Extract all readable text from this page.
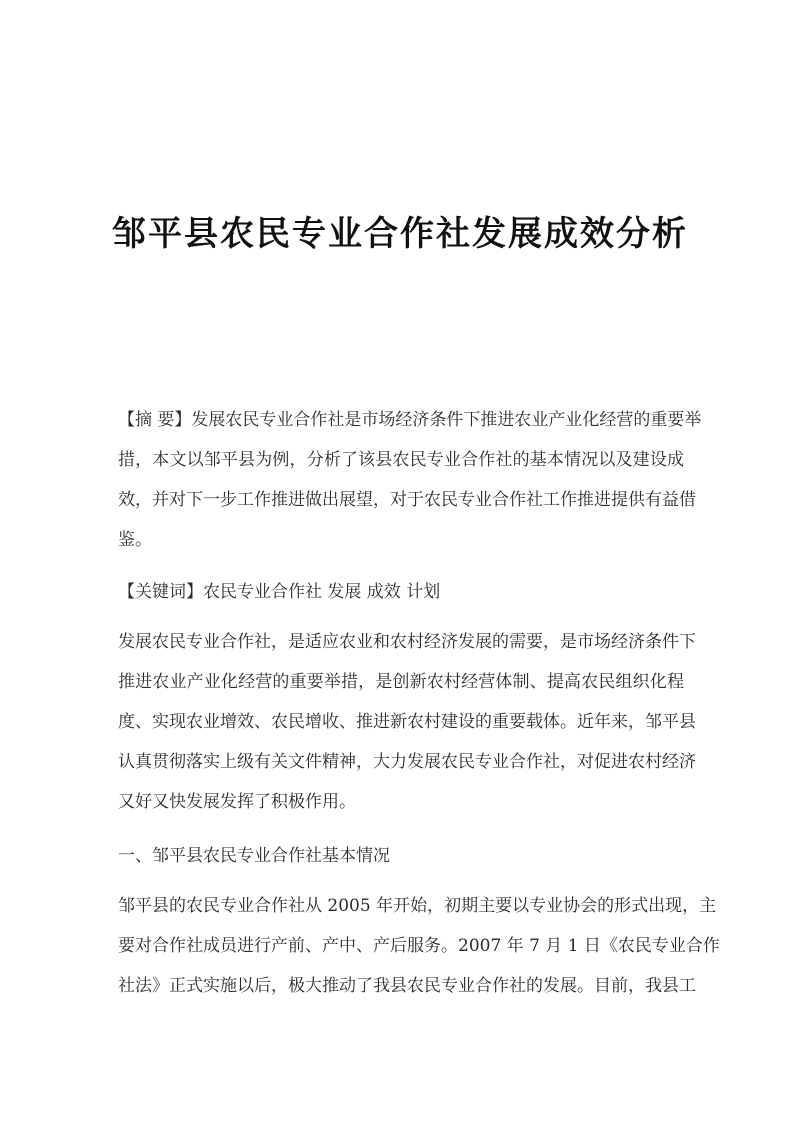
邹平县农民专业合作社发展成效分析
【摘 要】发展农民专业合作社是市场经济条件下推进农业产业化经营的重要举
措，本文以邹平县为例，分析了该县农民专业合作社的基本情况以及建设成
效，并对下一步工作推进做出展望，对于农民专业合作社工作推进提供有益借
鉴。
【关键词】农民专业合作社 发展 成效 计划
发展农民专业合作社，是适应农业和农村经济发展的需要，是市场经济条件下
推进农业产业化经营的重要举措，是创新农村经营体制、提高农民组织化程
度、实现农业增效、农民增收、推进新农村建设的重要载体。近年来，邹平县
认真贯彻落实上级有关文件精神，大力发展农民专业合作社，对促进农村经济
又好又快发展发挥了积极作用。
一、邹平县农民专业合作社基本情况
邹平县的农民专业合作社从 2005 年开始，初期主要以专业协会的形式出现，主
要对合作社成员进行产前、产中、产后服务。2007 年 7 月 1 日《农民专业合作
社法》正式实施以后，极大推动了我县农民专业合作社的发展。目前，我县工
